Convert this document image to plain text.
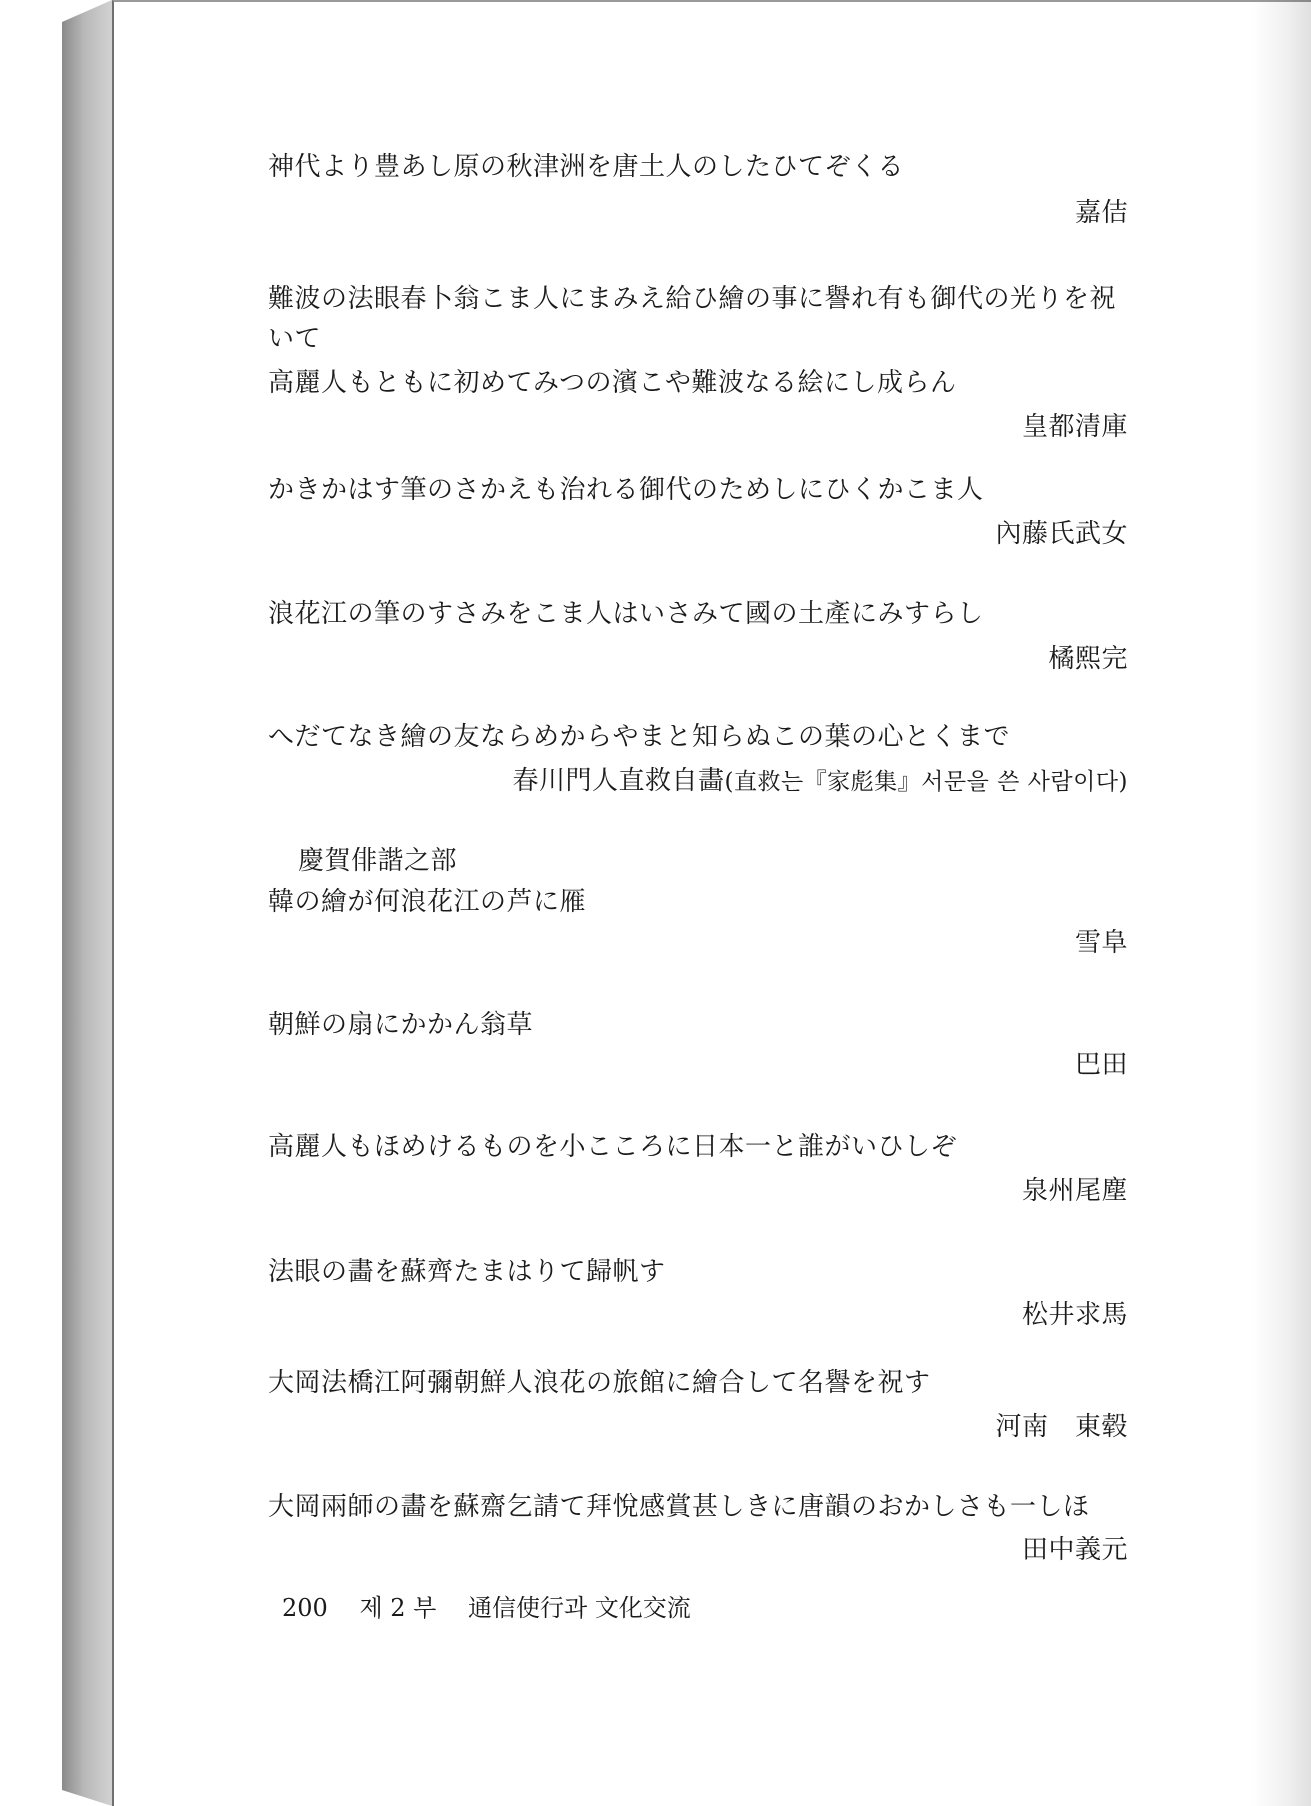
神代より豊あし原の秋津洲を唐土人のしたひてぞくる
嘉佶
難波の法眼春卜翁こま人にまみえ給ひ繪の事に譽れ有も御代の光りを祝
いて
高麗人もともに初めてみつの濱こや難波なる絵にし成らん
皇都清庫
かきかはす筆のさかえも治れる御代のためしにひくかこま人
內藤氏武女
浪花江の筆のすさみをこま人はいさみて國の土產にみすらし
橘熙完
へだてなき繪の友ならめからやまと知らぬこの葉の心とくまで
春川門人直救自畵(直救는『家彪集』서문을 쓴 사람이다)
慶賀俳諧之部
韓の繪が何浪花江の芦に雁
雪阜
朝鮮の扇にかかん翁草
巴田
高麗人もほめけるものを小こころに日本一と誰がいひしぞ
泉州尾塵
法眼の畵を蘇齊たまはりて歸帆す
松井求馬
大岡法橋江阿彌朝鮮人浪花の旅館に繪合して名譽を祝す
河南　東毂
大岡兩師の畵を蘇齋乞請て拜悅感賞甚しきに唐韻のおかしさも一しほ
田中義元
200 제 2 부 通信使行과 文化交流
